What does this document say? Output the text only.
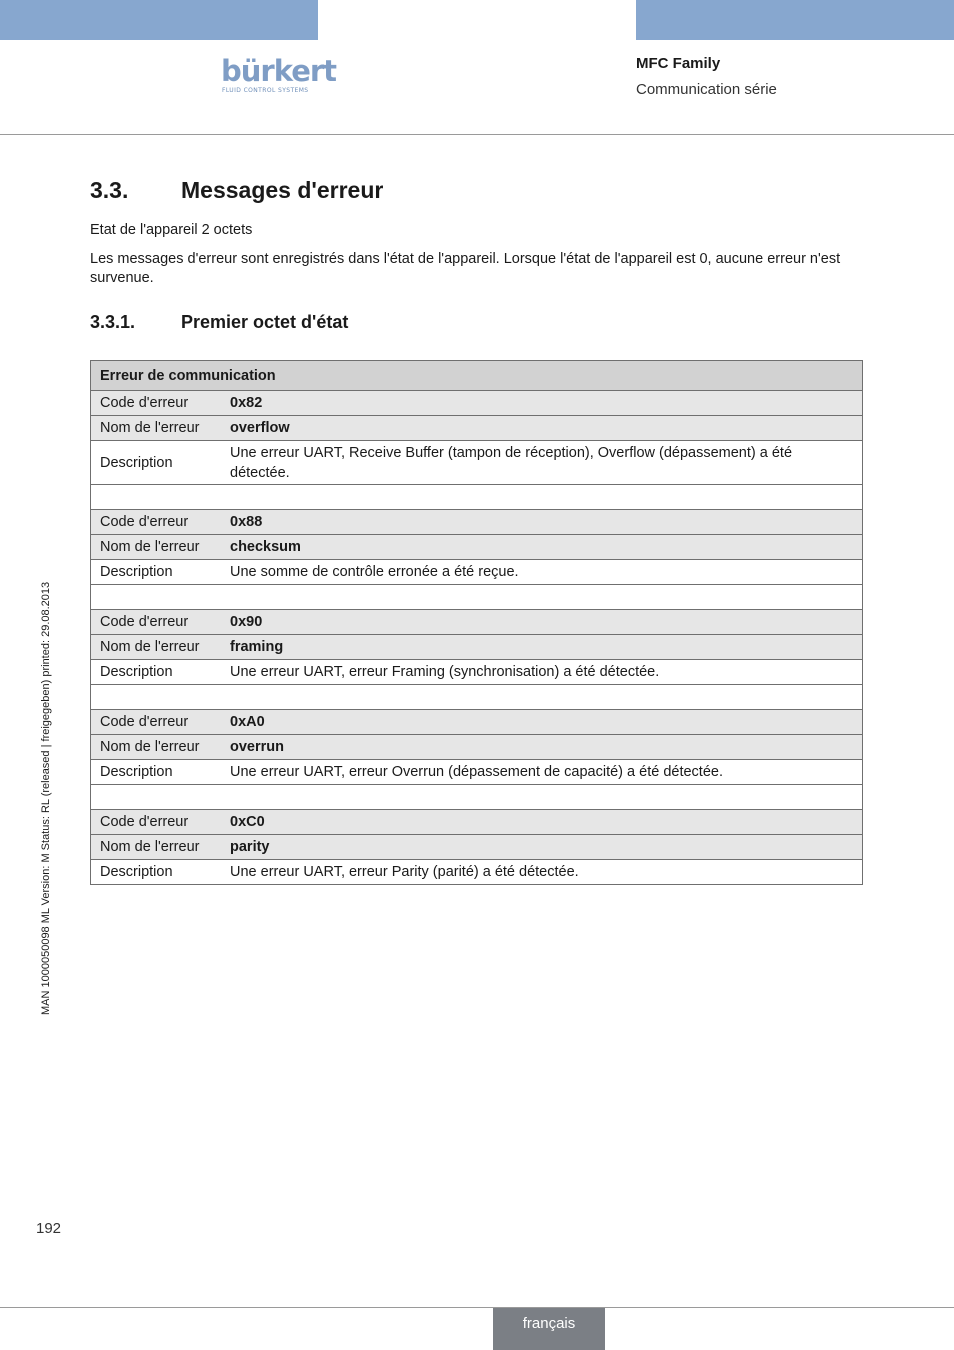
bürkert
FLUID CONTROL SYSTEMS
MFC Family
Communication série
3.3. Messages d'erreur
Etat de l'appareil 2 octets
Les messages d'erreur sont enregistrés dans l'état de l'appareil. Lorsque l'état de l'appareil est 0, aucune erreur n'est survenue.
3.3.1.	Premier octet d'état
Erreur de communication	
Code d'erreur	0x82
Nom de l'erreur	overflow
Description	Une erreur UART, Receive Buffer (tampon de réception), Overflow (dépassement) a été détectée.

Code d'erreur	0x88
Nom de l'erreur	checksum
Description	Une somme de contrôle erronée a été reçue.

Code d'erreur	0x90
Nom de l'erreur	framing
Description	Une erreur UART, erreur Framing (synchronisation) a été détectée.

Code d'erreur	0xA0
Nom de l'erreur	overrun
Description	Une erreur UART, erreur Overrun (dépassement de capacité) a été détectée.

Code d'erreur	0xC0
Nom de l'erreur	parity
Description	Une erreur UART, erreur Parity (parité) a été détectée.
MAN 1000050098 ML Version: M Status: RL (released | freigegeben) printed: 29.08.2013
192
français
